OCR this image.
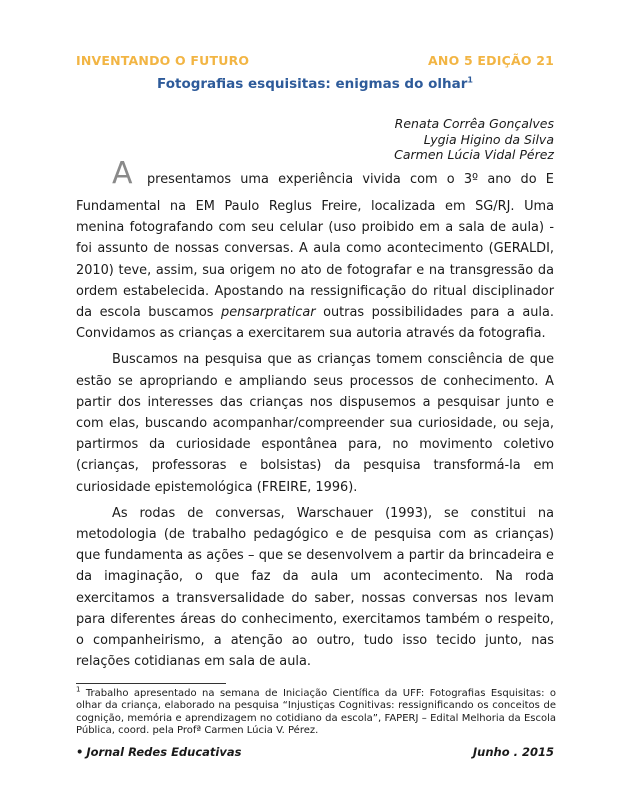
INVENTANDO O FUTURO	ANO 5 EDIÇÃO 21
Fotografias esquisitas: enigmas do olhar$^1$
Renata Corrêa Gonçalves
Lygia Higino da Silva
Carmen Lúcia Vidal Pérez
A presentamos uma experiência vivida com o 3º ano do E

Fundamental na EM Paulo Reglus Freire, localizada em SG/RJ. Uma menina fotografando com seu celular (uso proibido em a sala de aula) - foi assunto de nossas conversas. A aula como acontecimento (GERALDI, 2010) teve, assim, sua origem no ato de fotografar e na transgressão da ordem estabelecida. Apostando na ressignificação do ritual disciplinador da escola buscamos pensarpraticar outras possibilidades para a aula. Convidamos as crianças a exercitarem sua autoria através da fotografia.

Buscamos na pesquisa que as crianças tomem consciência de que estão se apropriando e ampliando seus processos de conhecimento. A partir dos interesses das crianças nos dispusemos a pesquisar junto e com elas, buscando acompanhar/compreender sua curiosidade, ou seja, partirmos da curiosidade espontânea para, no movimento coletivo (crianças, professoras e bolsistas) da pesquisa transformá-la em curiosidade epistemológica (FREIRE, 1996).

As rodas de conversas, Warschauer (1993), se constitui na metodologia (de trabalho pedagógico e de pesquisa com as crianças) que fundamenta as ações – que se desenvolvem a partir da brincadeira e da imaginação, o que faz da aula um acontecimento. Na roda exercitamos a transversalidade do saber, nossas conversas nos levam para diferentes áreas do conhecimento, exercitamos também o respeito, o companheirismo, a atenção ao outro, tudo isso tecido junto, nas relações cotidianas em sala de aula.

$^1$ Trabalho apresentado na semana de Iniciação Científica da UFF: Fotografias Esquisitas: o olhar da criança, elaborado na pesquisa “Injustiças Cognitivas: ressignificando os conceitos de cognição, memória e aprendizagem no cotidiano da escola”, FAPERJ – Edital Melhoria da Escola Pública, coord. pela Profª Carmen Lúcia V. Pérez.
• Jornal Redes Educativas	Junho . 2015
